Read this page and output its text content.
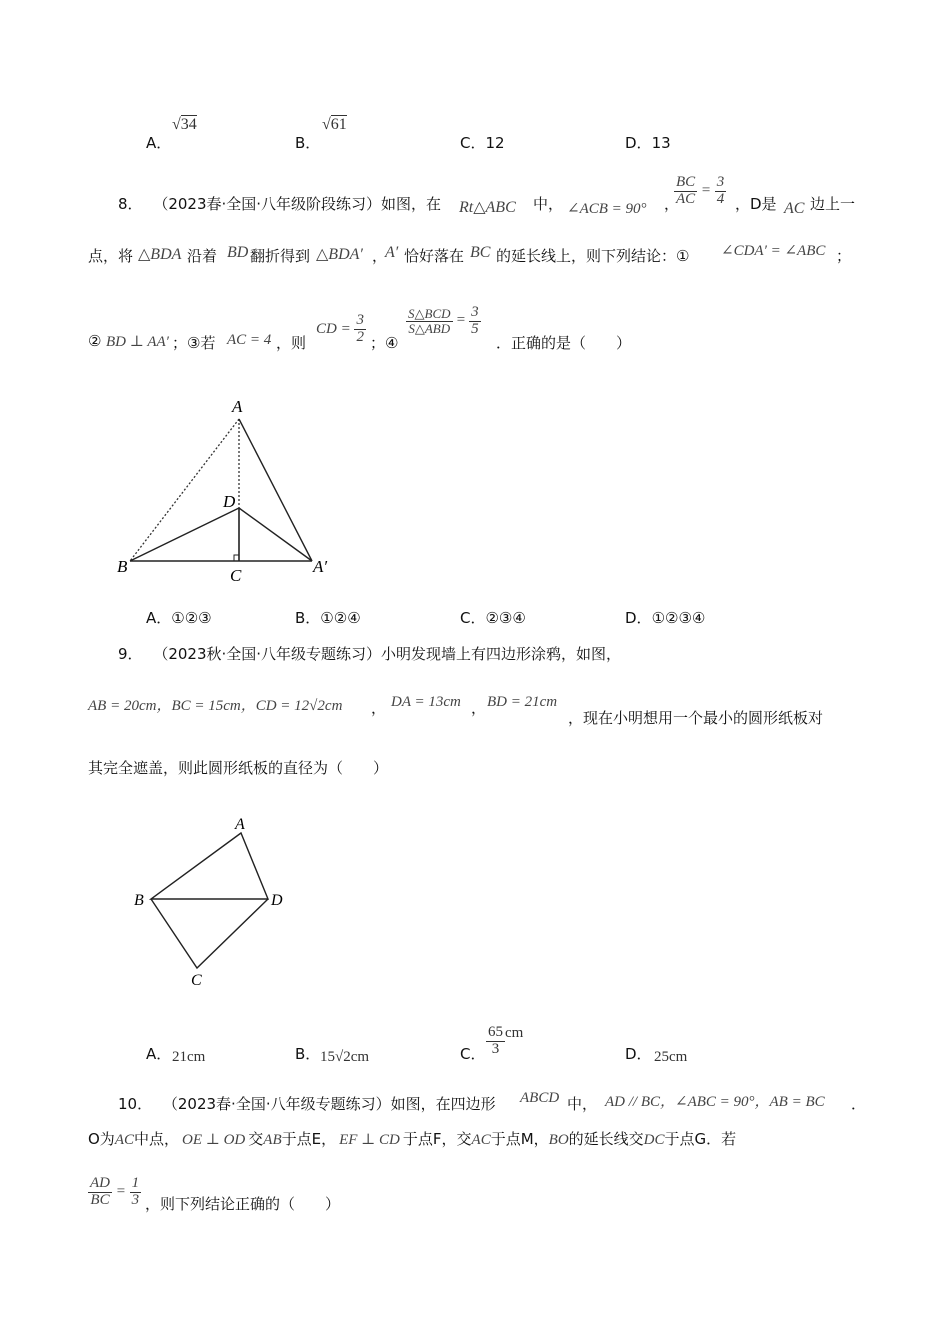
A．
√34
B．
√61
C．12	D．13
8． （2023春·全国·八年级阶段练习）如图，在 Rt△ABC 中， ∠ACB = 90° ，
$\frac{BC}{AC} = \frac{3}{4}$ ，D是 AC 边上一
点，将 △BDA 沿着 BD 翻折得到 △BDA′ ，
A′ 恰好落在 BC 的延长线上，则下列结论：① ∠CDA′ = ∠ABC ；
② BD ⊥ AA′ ；③若 AC = 4 ，则
CD = $\frac{3}{2}$ ；④
$\frac{\text{S△BCD}}{\text{S△ABD}} = \frac{3}{5}$
．正确的是（　　）
A
D
B	C	A′
A．①②③	B．①②④	C．②③④	D．①②③④
9． （2023秋·全国·八年级专题练习）小明发现墙上有四边形涂鸦，如图，
AB = 20cm，BC = 15cm，CD = 12√2cm ， DA = 13cm ， BD = 21cm
，现在小明想用一个最小的圆形纸板对
其完全遮盖，则此圆形纸板的直径为（　　）
A
B	D
C
A． 21cm	B． 15√2cm	C． $\frac{65}{3}$ cm
D． 25cm
10． （2023春·全国·八年级专题练习）如图，在四边形 ABCD 中， AD // BC，∠ABC = 90°，AB = BC ．
O为AC中点， OE ⊥ OD 交AB于点E， EF ⊥ CD 于点F，交AC于点M，BO的延长线交DC于点G．若
$\frac{AD}{BC} = \frac{1}{3}$ ，则下列结论正确的（　　）
